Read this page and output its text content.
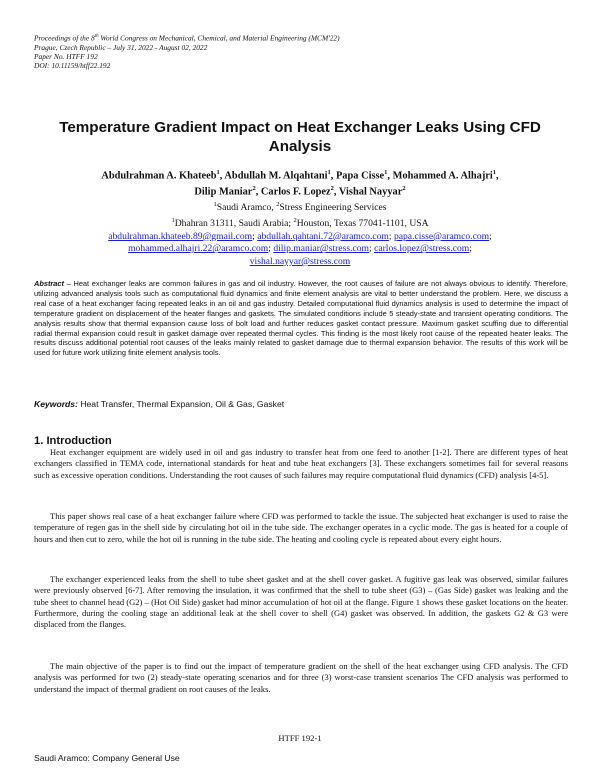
Proceedings of the 8th World Congress on Mechanical, Chemical, and Material Engineering (MCM'22)
Prague, Czech Republic – July 31, 2022 - August 02, 2022
Paper No. HTFF 192
DOI: 10.11159/htff22.192
Temperature Gradient Impact on Heat Exchanger Leaks Using CFD Analysis
Abdulrahman A. Khateeb$^1$, Abdullah M. Alqahtani$^1$, Papa Cisse$^1$, Mohammed A. Alhajri$^1$,
Dilip Maniar$^2$, Carlos F. Lopez$^2$, Vishal Nayyar$^2$
$^1$Saudi Aramco, $^2$Stress Engineering Services
$^1$Dhahran 31311, Saudi Arabia; $^2$Houston, Texas 77041-1101, USA
abdulrahman.khateeb.89@gmail.com; abdullah.qahtani.72@aramco.com; papa.cisse@aramco.com;
mohammed.alhajri.22@aramco.com; dilip.maniar@stress.com; carlos.lopez@stress.com;
vishal.nayyar@stress.com
Abstract – Heat exchanger leaks are common failures in gas and oil industry. However, the root causes of failure are not always obvious to identify. Therefore, utilizing advanced analysis tools such as computational fluid dynamics and finite element analysis are vital to better understand the problem. Here, we discuss a real case of a heat exchanger facing repeated leaks in an oil and gas industry. Detailed computational fluid dynamics analysis is used to determine the impact of temperature gradient on displacement of the heater flanges and gaskets. The simulated conditions include 5 steady-state and transient operating conditions. The analysis results show that thermal expansion cause loss of bolt load and further reduces gasket contact pressure. Maximum gasket scuffing due to differential radial thermal expansion could result in gasket damage over repeated thermal cycles. This finding is the most likely root cause of the repeated heater leaks. The results discuss additional potential root causes of the leaks mainly related to gasket damage due to thermal expansion behavior. The results of this work will be used for future work utilizing finite element analysis tools.
Keywords: Heat Transfer, Thermal Expansion, Oil & Gas, Gasket
1. Introduction
Heat exchanger equipment are widely used in oil and gas industry to transfer heat from one feed to another [1-2]. There are different types of heat exchangers classified in TEMA code, international standards for heat and tube heat exchangers [3]. These exchangers sometimes fail for several reasons such as excessive operation conditions. Understanding the root causes of such failures may require computational fluid dynamics (CFD) analysis [4-5].
This paper shows real case of a heat exchanger failure where CFD was performed to tackle the issue. The subjected heat exchanger is used to raise the temperature of regen gas in the shell side by circulating hot oil in the tube side. The exchanger operates in a cyclic mode. The gas is heated for a couple of hours and then cut to zero, while the hot oil is running in the tube side. The heating and cooling cycle is repeated about every eight hours.
The exchanger experienced leaks from the shell to tube sheet gasket and at the shell cover gasket. A fugitive gas leak was observed, similar failures were previously observed [6-7]. After removing the insulation, it was confirmed that the shell to tube sheet (G3) – (Gas Side) gasket was leaking and the tube sheet to channel head (G2) – (Hot Oil Side) gasket had minor accumulation of hot oil at the flange. Figure 1 shows these gasket locations on the heater. Furthermore, during the cooling stage an additional leak at the shell cover to shell (G4) gasket was observed. In addition, the gaskets G2 & G3 were displaced from the flanges.
The main objective of the paper is to find out the impact of temperature gradient on the shell of the heat exchanger using CFD analysis. The CFD analysis was performed for two (2) steady-state operating scenarios and for three (3) worst-case transient scenarios The CFD analysis was performed to understand the impact of thermal gradient on root causes of the leaks.
HTFF 192-1
Saudi Aramco: Company General Use
